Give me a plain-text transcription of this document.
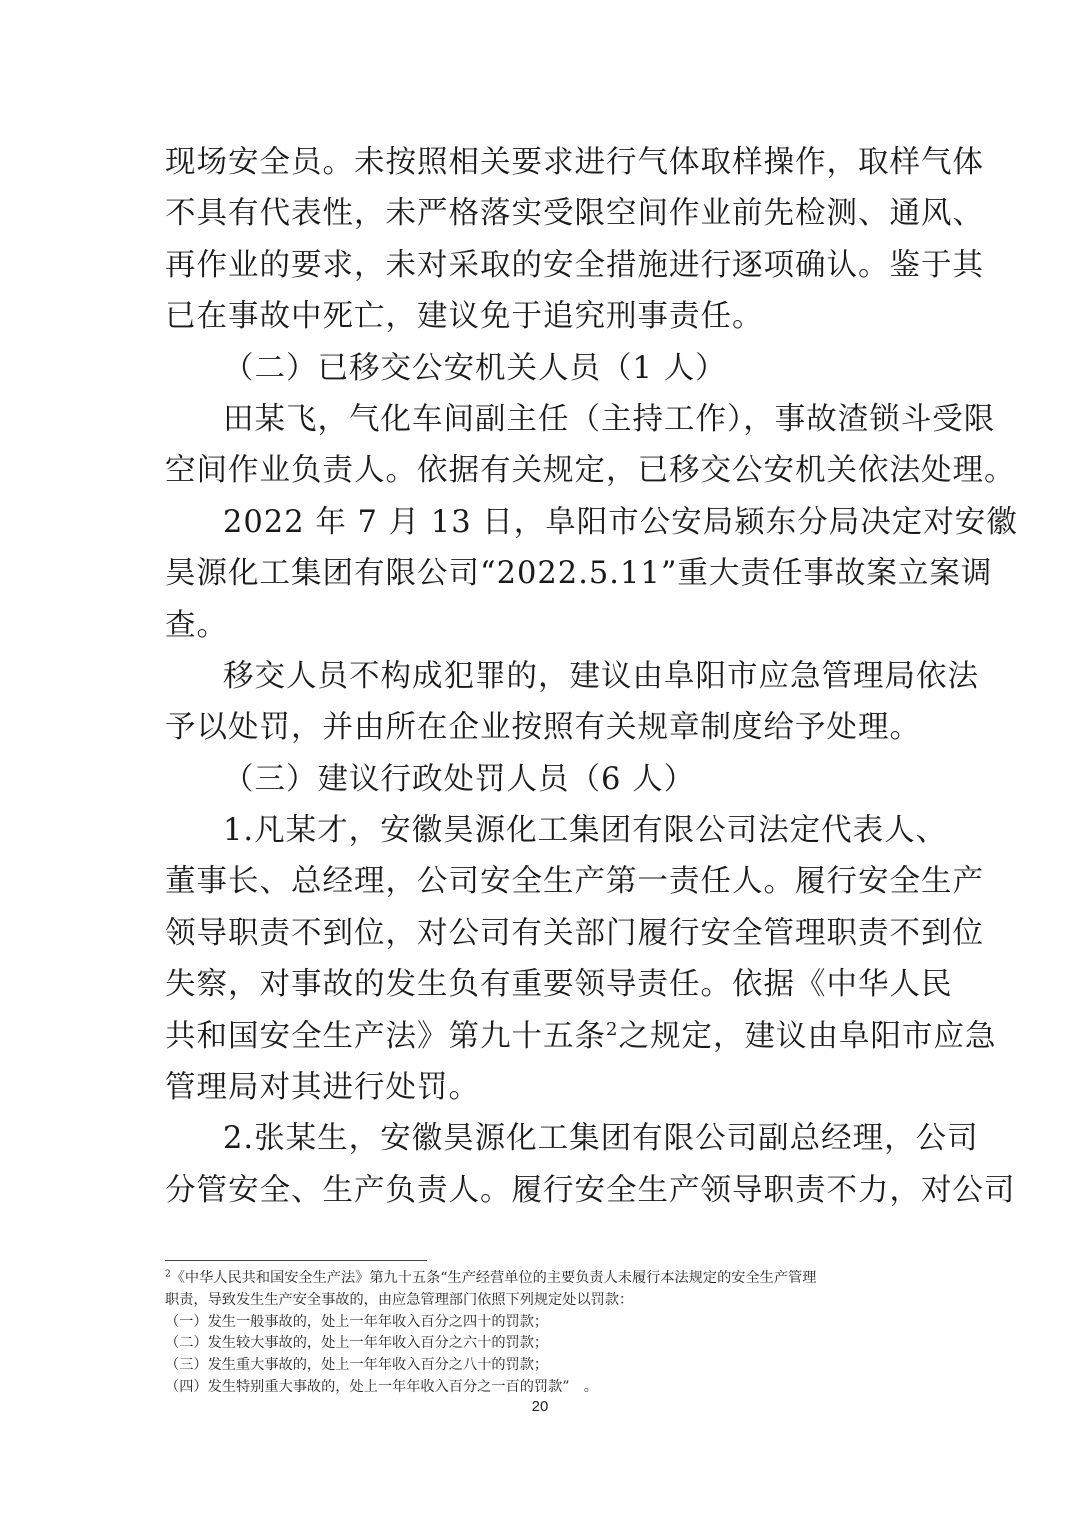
现场安全员。未按照相关要求进行气体取样操作，取样气体
不具有代表性，未严格落实受限空间作业前先检测、通风、
再作业的要求，未对采取的安全措施进行逐项确认。鉴于其
已在事故中死亡，建议免于追究刑事责任。
（二）已移交公安机关人员（1 人）
田某飞，气化车间副主任（主持工作），事故渣锁斗受限
空间作业负责人。依据有关规定，已移交公安机关依法处理。
2022 年 7 月 13 日，阜阳市公安局颍东分局决定对安徽
昊源化工集团有限公司“2022.5.11”重大责任事故案立案调
查。
移交人员不构成犯罪的，建议由阜阳市应急管理局依法
予以处罚，并由所在企业按照有关规章制度给予处理。
（三）建议行政处罚人员（6 人）
1.凡某才，安徽昊源化工集团有限公司法定代表人、
董事长、总经理，公司安全生产第一责任人。履行安全生产
领导职责不到位，对公司有关部门履行安全管理职责不到位
失察，对事故的发生负有重要领导责任。依据《中华人民
共和国安全生产法》第九十五条$^2$之规定，建议由阜阳市应急
管理局对其进行处罚。
2.张某生，安徽昊源化工集团有限公司副总经理，公司
分管安全、生产负责人。履行安全生产领导职责不力，对公司
$^2$《中华人民共和国安全生产法》第九十五条“生产经营单位的主要负责人未履行本法规定的安全生产管理
职责，导致发生生产安全事故的，由应急管理部门依照下列规定处以罚款：
（一）发生一般事故的，处上一年年收入百分之四十的罚款；
（二）发生较大事故的，处上一年年收入百分之六十的罚款；
（三）发生重大事故的，处上一年年收入百分之八十的罚款；
（四）发生特别重大事故的，处上一年年收入百分之一百的罚款”　。
20
